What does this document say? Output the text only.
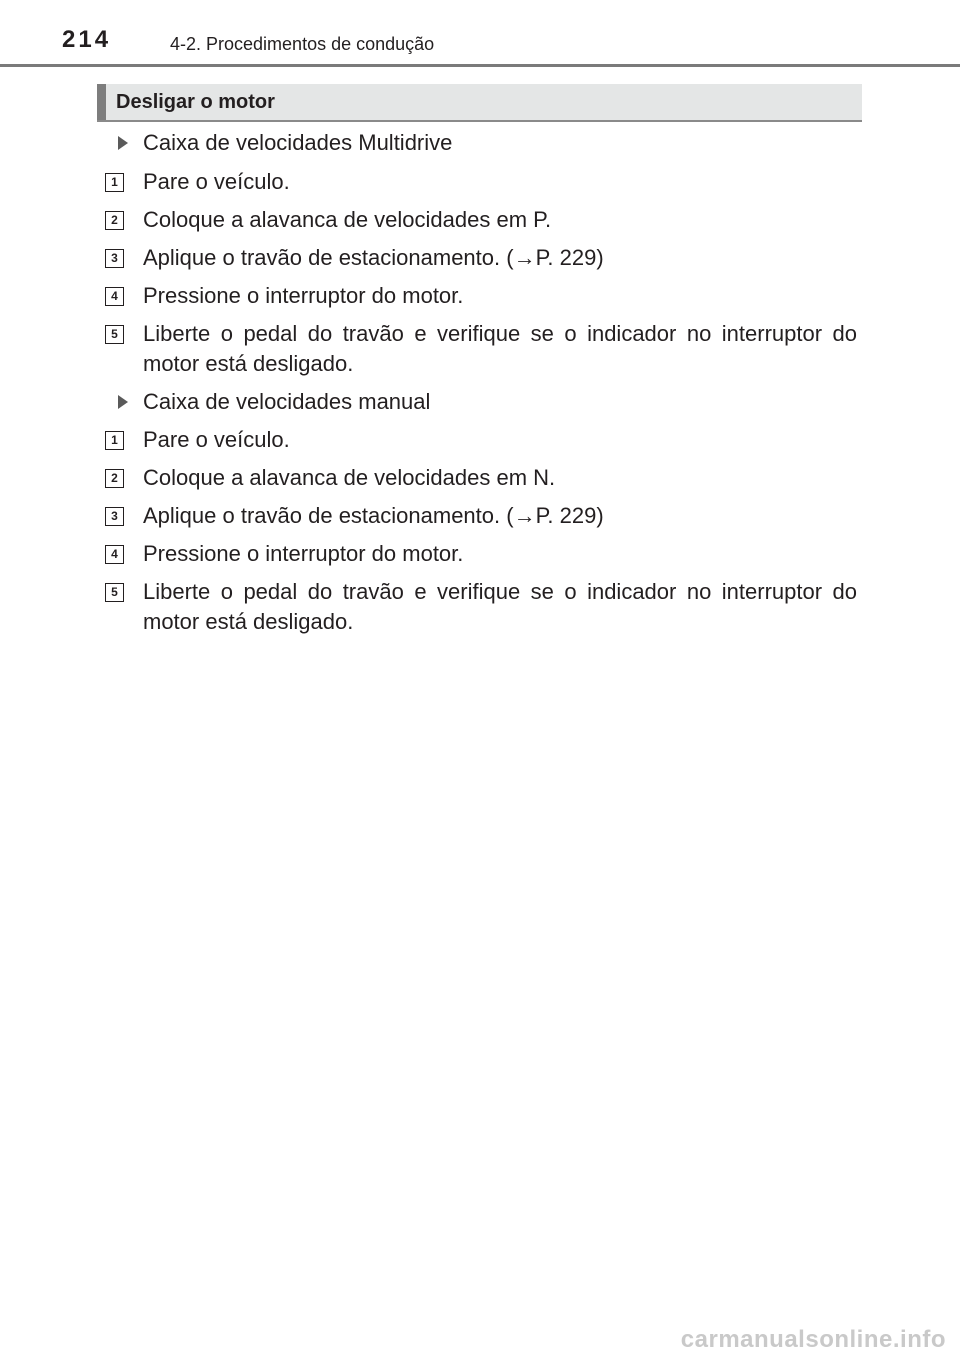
214	4-2. Procedimentos de condução
Desligar o motor
Caixa de velocidades Multidrive
1 Pare o veículo.
2 Coloque a alavanca de velocidades em P.
3 Aplique o travão de estacionamento. (→P. 229)
4 Pressione o interruptor do motor.
5 Liberte o pedal do travão e verifique se o indicador no interruptor do motor está desligado.
Caixa de velocidades manual
1 Pare o veículo.
2 Coloque a alavanca de velocidades em N.
3 Aplique o travão de estacionamento. (→P. 229)
4 Pressione o interruptor do motor.
5 Liberte o pedal do travão e verifique se o indicador no interruptor do motor está desligado.
carmanualsonline.info
